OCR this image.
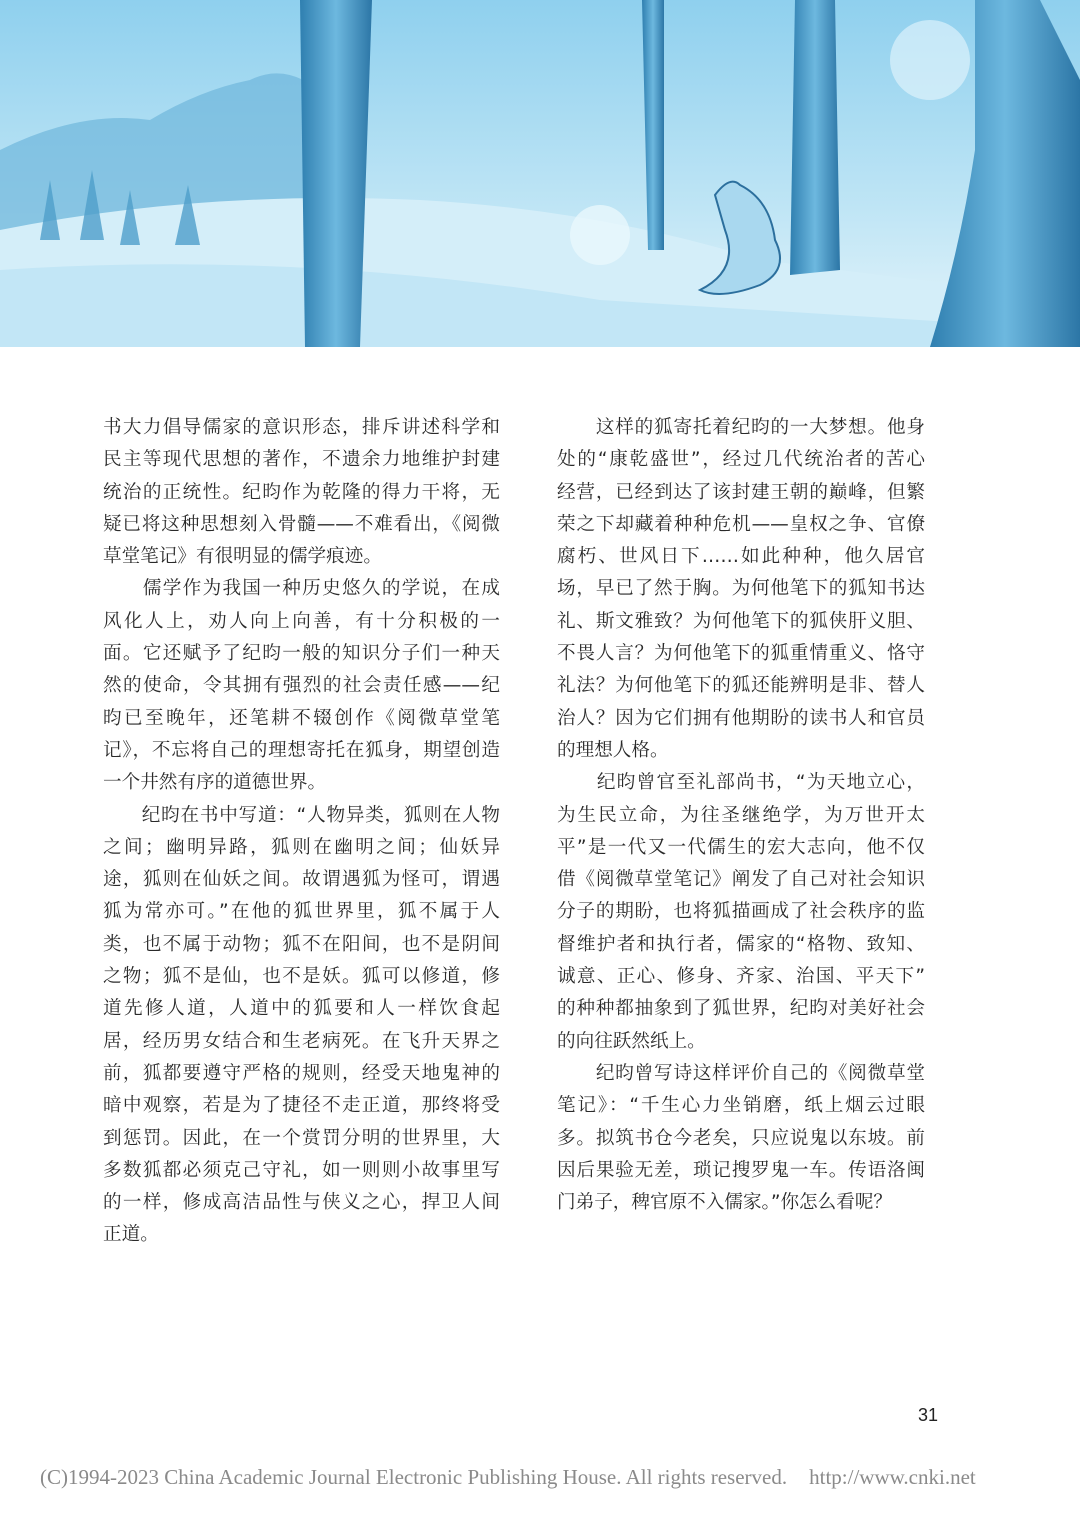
书大力倡导儒家的意识形态，排斥讲述科学和
民主等现代思想的著作，不遗余力地维护封建
统治的正统性。纪昀作为乾隆的得力干将，无
疑已将这种思想刻入骨髓——不难看出，《阅微
草堂笔记》有很明显的儒学痕迹。
　　儒学作为我国一种历史悠久的学说，在成
风化人上，劝人向上向善，有十分积极的一
面。它还赋予了纪昀一般的知识分子们一种天
然的使命，令其拥有强烈的社会责任感——纪
昀已至晚年，还笔耕不辍创作《阅微草堂笔
记》，不忘将自己的理想寄托在狐身，期望创造
一个井然有序的道德世界。
　　纪昀在书中写道：“人物异类，狐则在人物
之间；幽明异路，狐则在幽明之间；仙妖异
途，狐则在仙妖之间。故谓遇狐为怪可，谓遇
狐为常亦可。”在他的狐世界里，狐不属于人
类，也不属于动物；狐不在阳间，也不是阴间
之物；狐不是仙，也不是妖。狐可以修道，修
道先修人道，人道中的狐要和人一样饮食起
居，经历男女结合和生老病死。在飞升天界之
前，狐都要遵守严格的规则，经受天地鬼神的
暗中观察，若是为了捷径不走正道，那终将受
到惩罚。因此，在一个赏罚分明的世界里，大
多数狐都必须克己守礼，如一则则小故事里写
的一样，修成高洁品性与侠义之心，捍卫人间
正道。
　　这样的狐寄托着纪昀的一大梦想。他身
处的“康乾盛世”，经过几代统治者的苦心
经营，已经到达了该封建王朝的巅峰，但繁
荣之下却藏着种种危机——皇权之争、官僚
腐朽、世风日下……如此种种，他久居官
场，早已了然于胸。为何他笔下的狐知书达
礼、斯文雅致？为何他笔下的狐侠肝义胆、
不畏人言？为何他笔下的狐重情重义、恪守
礼法？为何他笔下的狐还能辨明是非、替人
治人？因为它们拥有他期盼的读书人和官员
的理想人格。
　　纪昀曾官至礼部尚书，“为天地立心，
为生民立命，为往圣继绝学，为万世开太
平”是一代又一代儒生的宏大志向，他不仅
借《阅微草堂笔记》阐发了自己对社会知识
分子的期盼，也将狐描画成了社会秩序的监
督维护者和执行者，儒家的“格物、致知、
诚意、正心、修身、齐家、治国、平天下”
的种种都抽象到了狐世界，纪昀对美好社会
的向往跃然纸上。
　　纪昀曾写诗这样评价自己的《阅微草堂
笔记》：“千生心力坐销磨，纸上烟云过眼
多。拟筑书仓今老矣，只应说鬼以东坡。前
因后果验无差，琐记搜罗鬼一车。传语洛闽
门弟子，稗官原不入儒家。”你怎么看呢？
31
(C)1994-2023 China Academic Journal Electronic Publishing House. All rights reserved. http://www.cnki.net
